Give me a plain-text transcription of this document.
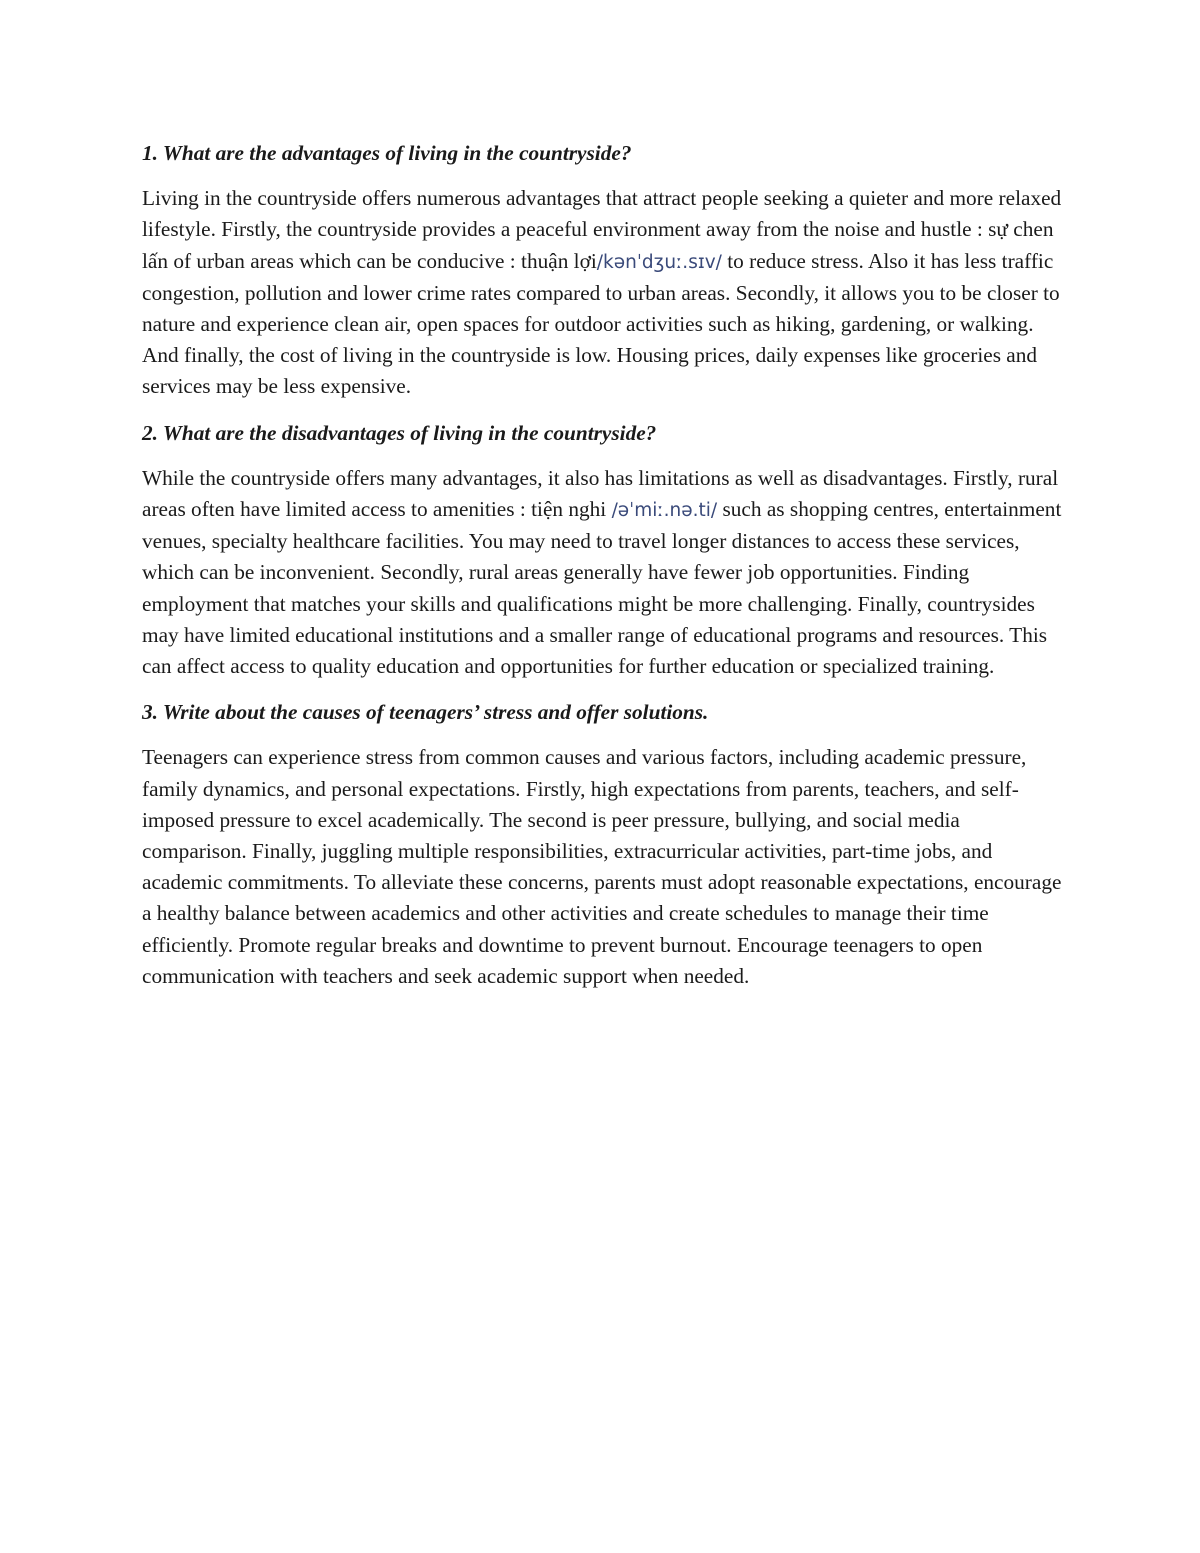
1. What are the advantages of living in the countryside?

Living in the countryside offers numerous advantages that attract people seeking a quieter and more relaxed lifestyle. Firstly, the countryside provides a peaceful environment away from the noise and hustle : sự chen lấn of urban areas which can be conducive : thuận lợi/kənˈdʒuː.sɪv/ to reduce stress. Also it has less traffic congestion, pollution and lower crime rates compared to urban areas. Secondly, it allows you to be closer to nature and experience clean air, open spaces for outdoor activities such as hiking, gardening, or walking. And finally, the cost of living in the countryside is low. Housing prices, daily expenses like groceries and services may be less expensive.

2. What are the disadvantages of living in the countryside?

While the countryside offers many advantages, it also has limitations as well as disadvantages. Firstly, rural areas often have limited access to amenities : tiện nghi /əˈmiː.nə.ti/ such as shopping centres, entertainment venues, specialty healthcare facilities. You may need to travel longer distances to access these services, which can be inconvenient. Secondly, rural areas generally have fewer job opportunities. Finding employment that matches your skills and qualifications might be more challenging. Finally, countrysides may have limited educational institutions and a smaller range of educational programs and resources. This can affect access to quality education and opportunities for further education or specialized training.

3. Write about the causes of teenagers’ stress and offer solutions.

Teenagers can experience stress from common causes and various factors, including academic pressure, family dynamics, and personal expectations. Firstly, high expectations from parents, teachers, and self-imposed pressure to excel academically. The second is peer pressure, bullying, and social media comparison. Finally, juggling multiple responsibilities, extracurricular activities, part-time jobs, and academic commitments. To alleviate these concerns, parents must adopt reasonable expectations, encourage a healthy balance between academics and other activities and create schedules to manage their time efficiently. Promote regular breaks and downtime to prevent burnout. Encourage teenagers to open communication with teachers and seek academic support when needed.
